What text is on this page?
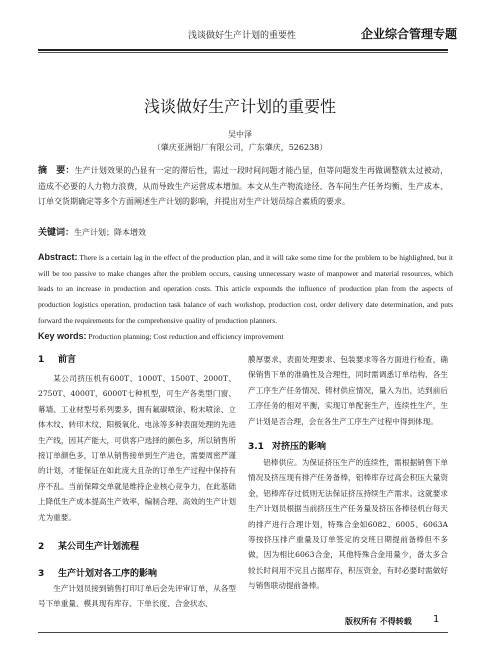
浅谈做好生产计划的重要性	企业综合管理专题
浅谈做好生产计划的重要性
吴中泽
（肇庆亚洲铝厂有限公司，广东肇庆，526238）
摘　要：生产计划效果的凸显有一定的滞后性，需过一段时间问题才能凸显，但等问题发生再做调整就太过被动，造成不必要的人力物力浪费，从而导致生产运营成本增加。本文从生产物流途径、各车间生产任务均衡、生产成本、订单交货期确定等多个方面阐述生产计划的影响，并提出对生产计划员综合素质的要求。
关键词：生产计划；降本增效
Abstract: There is a certain lag in the effect of the production plan, and it will take some time for the problem to be highlighted, but it will be too passive to make changes after the problem occurs, causing unnecessary waste of manpower and material resources, which leads to an increase in production and operation costs. This article expounds the influence of production plan from the aspects of production logistics operation, production task balance of each workshop, production cost, order delivery date determination, and puts forward the requirements for the comprehensive quality of production planners.
Key words: Production planning; Cost reduction and efficiency improvement

1 前言

某公司挤压机有600T、1000T、1500T、2000T、2750T、4000T、6000T七种机型，可生产各类型门窗、幕墙、工业材型号系列要多，拥有氟碳喷涂、粉末喷涂、立体木纹、转印木纹、阳极氧化、电泳等多种表面处理的先进生产线，因其产能大，可供客户选择的颜色多，所以销售所接订单颜色多，订单从销售接单到生产进仓，需要周密严谨的计划，才能保证在如此庞大且杂的订单生产过程中保持有序不乱。当前保障交单就是维持企业核心竞争力，在此基础上降低生产成本提高生产效率，编制合理、高效的生产计划尤为重要。

2 某公司生产计划流程

3 生产计划对各工序的影响

生产计划员接到销售打印订单后会先评审订单，从各型号下单重量、模具现有库存、下单长度、合金状态、

膜厚要求、表面处理要求、包装要求等各方面进行检查，确保销售下单的准确性及合理性，同时需调悉订单结构、各生产工序生产任务情况、铸材供应情况，量入为出，达到前后工序任务的相对平衡，实现订单配套生产，连续性生产，生产计划是否合理，会在各生产工序生产过程中得到体现。

3.1 对挤压的影响

铝棒供应。为保证挤压生产的连续性，需根据销售下单情况及挤压现有排产任务备棒，铝棒库存过高会积压大量资金，铝棒库存过低则无法保证挤压持续生产需求。这就要求生产计划员根据当前挤压生产任务量及挤压各棒径机台每天的排产进行合理计划，特殊合金如6082、6005、6063A等按挤压排产重量及订单签定的交班日期提前备棒但不多做，因为相比6063合金，其他特殊合金用量少，备太多合较长时间用不完且占据库存，积压资金，有时必要时需做好与销售联动提前备棒。

版权所有 不得转载 1
